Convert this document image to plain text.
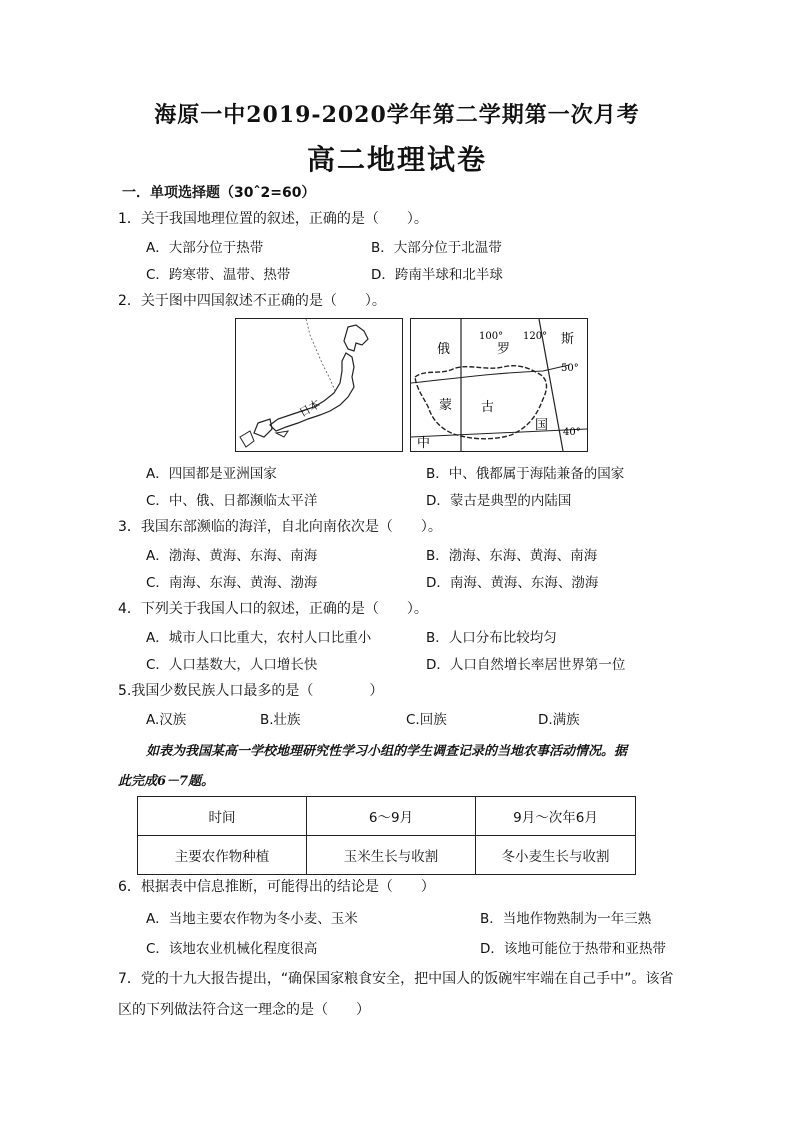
海原一中2019-2020学年第二学期第一次月考
高二地理试卷
一．单项选择题（30ˆ2=60）
1．关于我国地理位置的叙述，正确的是（　　）。
A．大部分位于热带	B．大部分位于北温带
C．跨寒带、温带、热带	D．跨南半球和北半球
2．关于图中四国叙述不正确的是（　　）。
日本
100° 120°
50°
40°
俄	罗
斯
蒙 古
国
中
A．四国都是亚洲国家	B．中、俄都属于海陆兼备的国家
C．中、俄、日都濒临太平洋	D．蒙古是典型的内陆国
3．我国东部濒临的海洋，自北向南依次是（　　）。
A．渤海、黄海、东海、南海	B．渤海、东海、黄海、南海
C．南海、东海、黄海、渤海	D．南海、黄海、东海、渤海
4．下列关于我国人口的叙述，正确的是（　　）。
A．城市人口比重大，农村人口比重小	B．人口分布比较均匀
C．人口基数大，人口增长快	D．人口自然增长率居世界第一位
5.我国少数民族人口最多的是（　　　　）
A.汉族	B.壮族	C.回族	D.满族
如表为我国某高一学校地理研究性学习小组的学生调查记录的当地农事活动情况。据
此完成6－7题。
时间	6～9月	9月～次年6月
主要农作物种植	玉米生长与收割	冬小麦生长与收割
6．根据表中信息推断，可能得出的结论是（　　）
A．当地主要农作物为冬小麦、玉米	B．当地作物熟制为一年三熟
C．该地农业机械化程度很高	D．该地可能位于热带和亚热带
7．党的十九大报告提出，“确保国家粮食安全，把中国人的饭碗牢牢端在自己手中”。该省
区的下列做法符合这一理念的是（　　）
